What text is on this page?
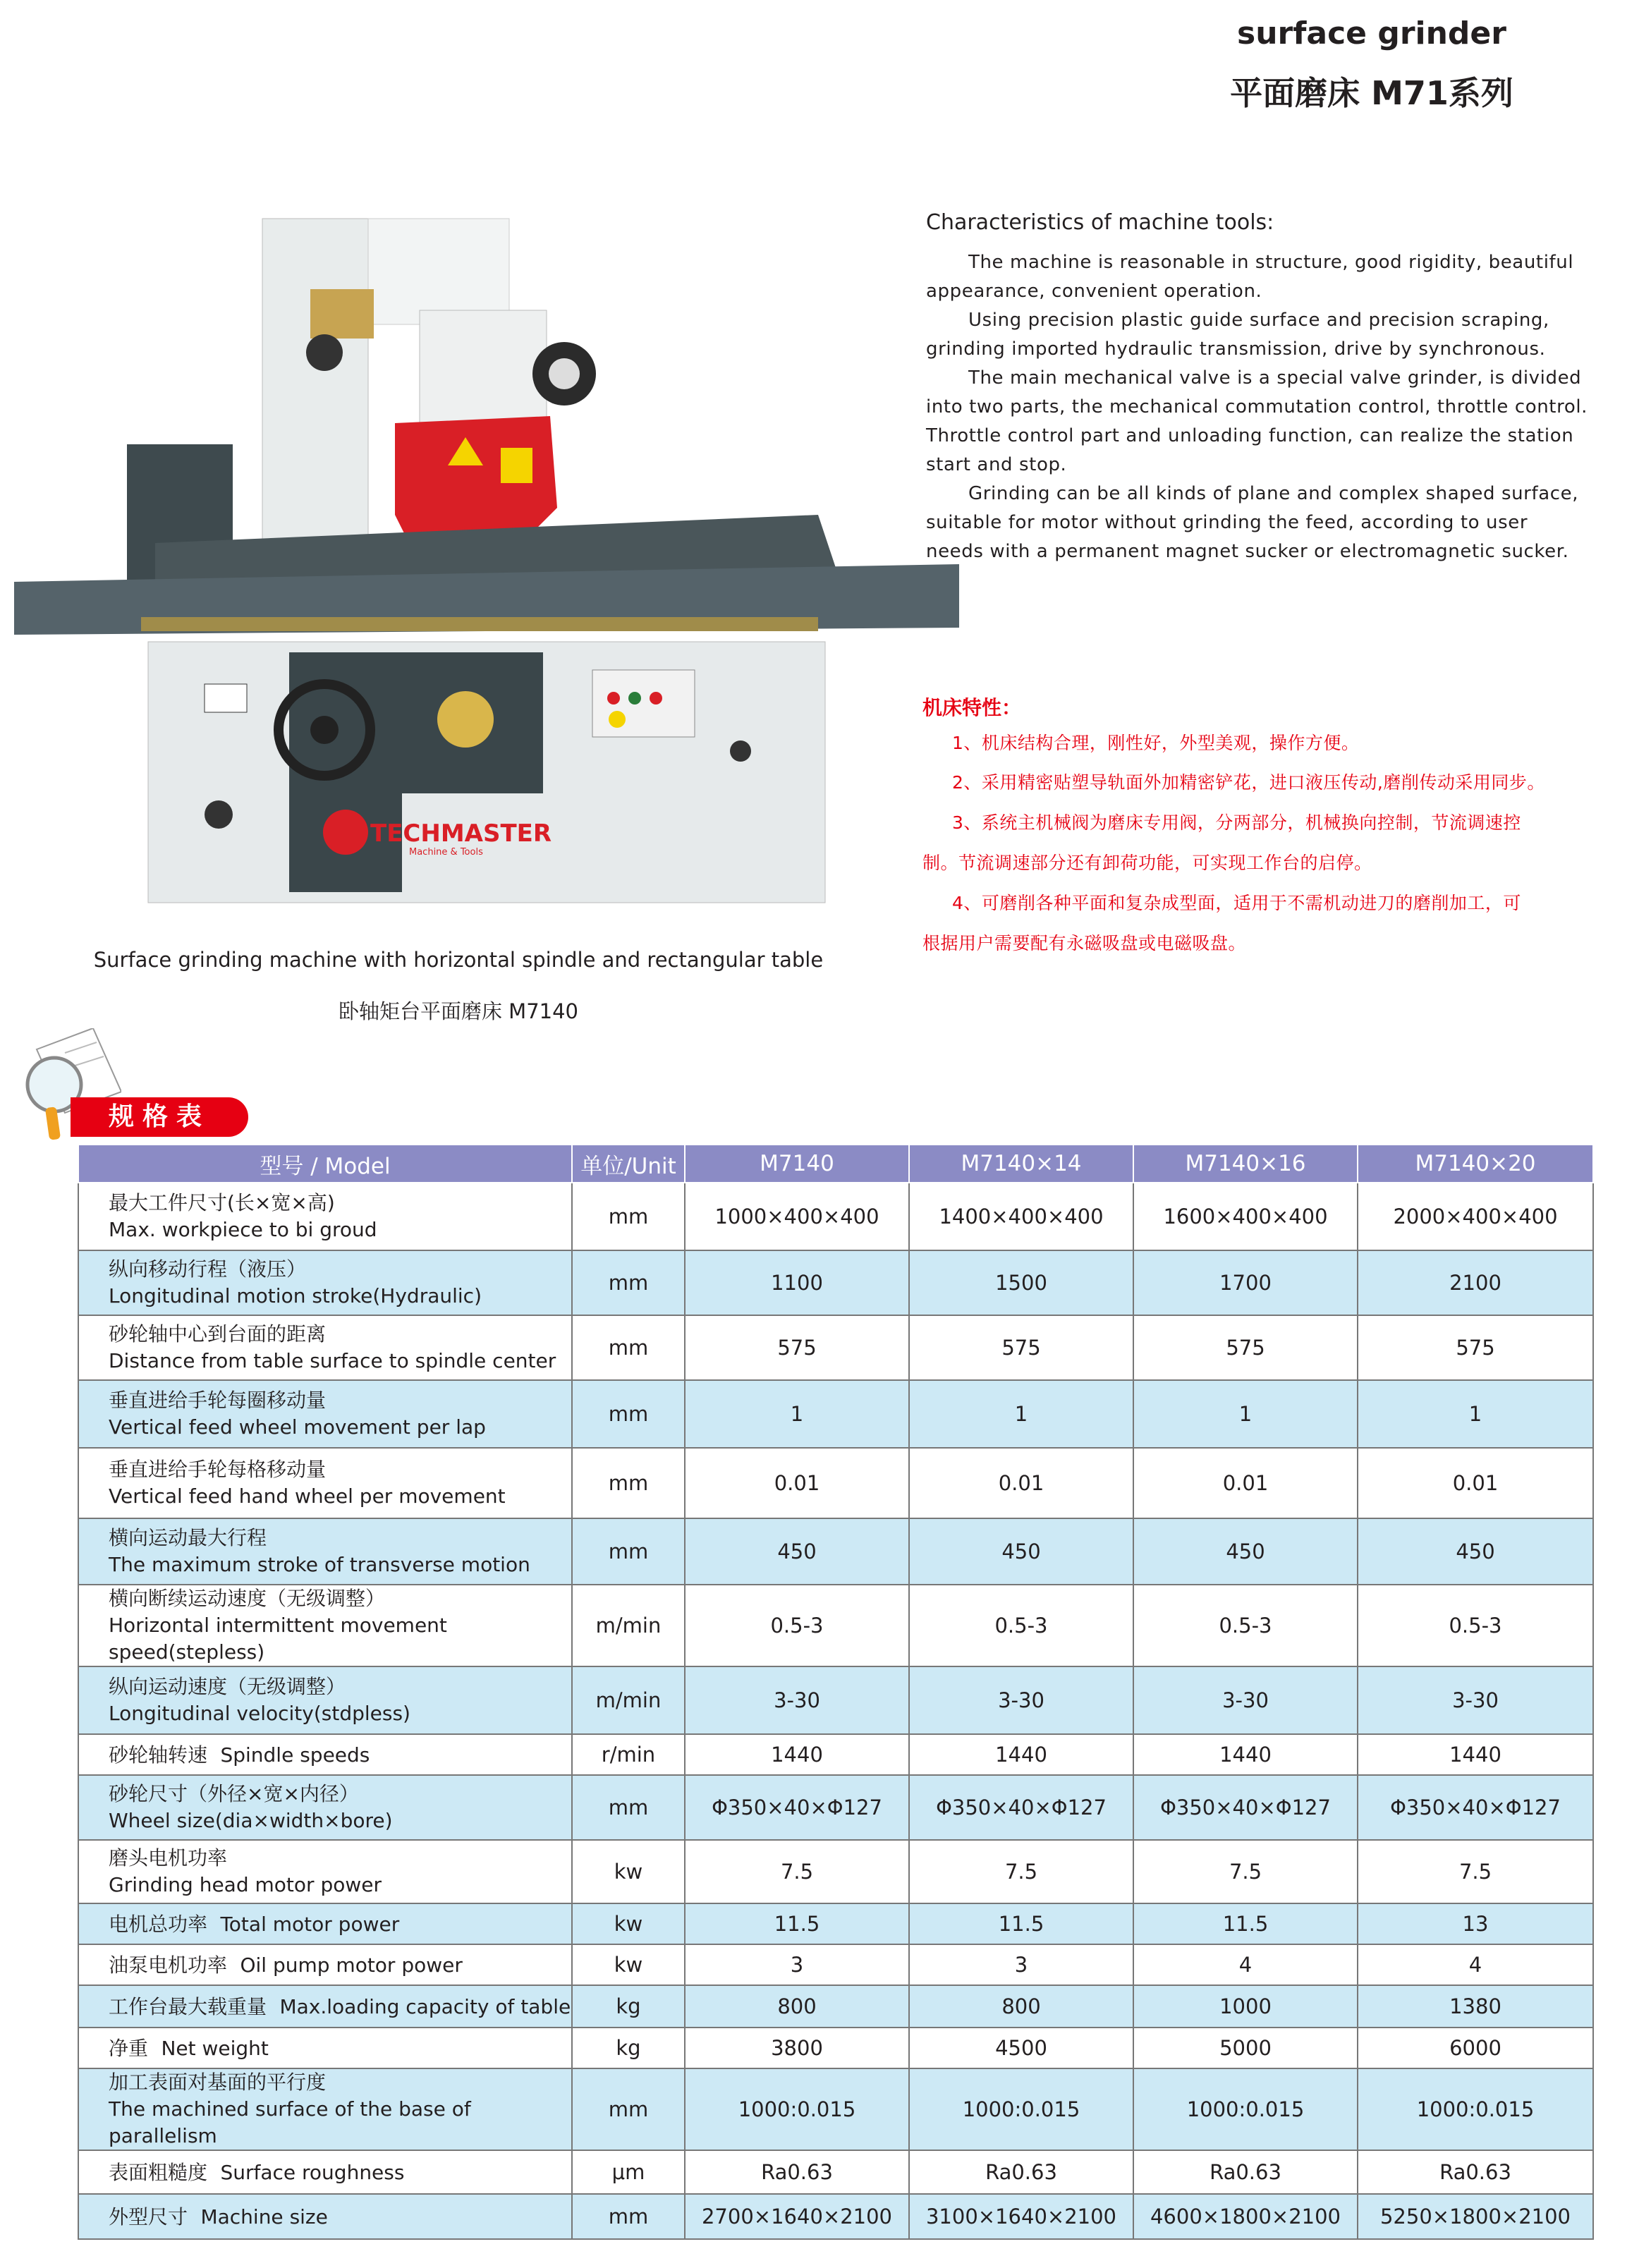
surface grinder
平面磨床 M71系列
TECHMASTER
Machine & Tools
Surface grinding machine with horizontal spindle and rectangular table
卧轴矩台平面磨床 M7140
Characteristics of machine tools:

The machine is reasonable in structure, good rigidity, beautiful appearance, convenient operation.

Using precision plastic guide surface and precision scraping, grinding imported hydraulic transmission, drive by synchronous.

The main mechanical valve is a special valve grinder, is divided into two parts, the mechanical commutation control, throttle control. Throttle control part and unloading function, can realize the station start and stop.

Grinding can be all kinds of plane and complex shaped surface, suitable for motor without grinding the feed, according to user needs with a permanent magnet sucker or electromagnetic sucker.

机床特性：
1、机床结构合理，刚性好，外型美观，操作方便。
2、采用精密贴塑导轨面外加精密铲花，进口液压传动,磨削传动采用同步。
3、系统主机械阀为磨床专用阀，分两部分，机械换向控制，节流调速控
制。节流调速部分还有卸荷功能，可实现工作台的启停。
4、可磨削各种平面和复杂成型面，适用于不需机动进刀的磨削加工，可
根据用户需要配有永磁吸盘或电磁吸盘。
规格表
型号 / Model	单位/Unit	M7140	M7140×14	M7140×16	M7140×20

最大工件尺寸(长×宽×高)
Max. workpiece to bi groud	mm	1000×400×400	1400×400×400	1600×400×400	2000×400×400

纵向移动行程（液压）
Longitudinal motion stroke(Hydraulic)	mm	1100	1500	1700	2100

砂轮轴中心到台面的距离
Distance from table surface to spindle center	mm	575	575	575	575

垂直进给手轮每圈移动量
Vertical feed wheel movement per lap	mm	1	1	1	1

垂直进给手轮每格移动量
Vertical feed hand wheel per movement	mm	0.01	0.01	0.01	0.01

横向运动最大行程
The maximum stroke of transverse motion	mm	450	450	450	450

横向断续运动速度（无级调整）
Horizontal intermittent movement speed(stepless)	m/min	0.5-3	0.5-3	0.5-3	0.5-3

纵向运动速度（无级调整）
Longitudinal velocity(stdpless)	m/min	3-30	3-30	3-30	3-30
砂轮轴转速 Spindle speeds	r/min	1440	1440	1440	1440

砂轮尺寸（外径×宽×内径）
Wheel size(dia×width×bore)	mm	Φ350×40×Φ127	Φ350×40×Φ127	Φ350×40×Φ127	Φ350×40×Φ127

磨头电机功率
Grinding head motor power	kw	7.5	7.5	7.5	7.5
电机总功率 Total motor power	kw	11.5	11.5	11.5	13
油泵电机功率 Oil pump motor power	kw	3	3	4	4
工作台最大载重量 Max.loading capacity of table	kg	800	800	1000	1380
净重 Net weight	kg	3800	4500	5000	6000

加工表面对基面的平行度
The machined surface of the base of parallelism	mm	1000:0.015	1000:0.015	1000:0.015	1000:0.015
表面粗糙度 Surface roughness	μm	Ra0.63	Ra0.63	Ra0.63	Ra0.63
外型尺寸 Machine size	mm	2700×1640×2100	3100×1640×2100	4600×1800×2100	5250×1800×2100
